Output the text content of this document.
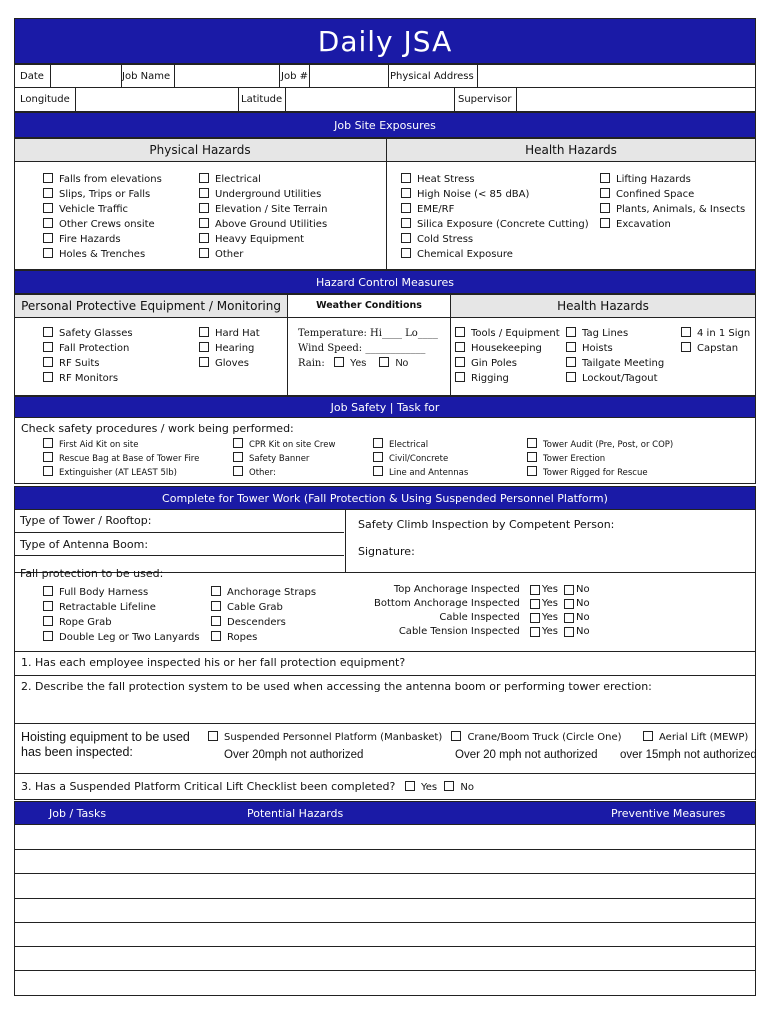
Daily JSA
Date	Job Name	Job #	Physical Address
Longitude	Latitude	Supervisor
Job Site Exposures
Physical Hazards	Health Hazards
Falls from elevations
Slips, Trips or Falls
Vehicle Traffic
Other Crews onsite
Fire Hazards
Holes & Trenches
Electrical
Underground Utilities
Elevation / Site Terrain
Above Ground Utilities
Heavy Equipment
Other
Heat Stress
High Noise (< 85 dBA)
EME/RF
Silica Exposure (Concrete Cutting)
Cold Stress
Chemical Exposure
Lifting Hazards
Confined Space
Plants, Animals, & Insects
Excavation
Hazard Control Measures
Personal Protective Equipment / Monitoring	Weather Conditions	Health Hazards
Safety Glasses
Fall Protection
RF Suits
RF Monitors
Hard Hat
Hearing
Gloves
Temperature: Hi____ Lo____
Wind Speed: ____________
Rain:	Yes	No
Tools / Equipment
Housekeeping
Gin Poles
Rigging
Tag Lines
Hoists
Tailgate Meeting
Lockout/Tagout
4 in 1 Sign
Capstan
Job Safety | Task for
Check safety procedures / work being performed:
First Aid Kit on site
Rescue Bag at Base of Tower Fire
Extinguisher (AT LEAST 5lb)
CPR Kit on site Crew
Safety Banner
Other:
Electrical
Civil/Concrete
Line and Antennas
Tower Audit (Pre, Post, or COP)
Tower Erection
Tower Rigged for Rescue
Complete for Tower Work (Fall Protection & Using Suspended Personnel Platform)
Type of Tower / Rooftop:
Type of Antenna Boom:
Safety Climb Inspection by Competent Person:
Signature:
Fall protection to be used:
Full Body Harness
Retractable Lifeline
Rope Grab
Double Leg or Two Lanyards
Anchorage Straps
Cable Grab
Descenders
Ropes
Top Anchorage Inspected Yes No
Bottom Anchorage Inspected Yes No
Cable Inspected Yes No
Cable Tension Inspected Yes No
1. Has each employee inspected his or her fall protection equipment?
2. Describe the fall protection system to be used when accessing the antenna boom or performing tower erection:
Hoisting equipment to be used
has been inspected:
Suspended Personnel Platform (Manbasket)	Crane/Boom Truck (Circle One)	Aerial Lift (MEWP)
Over 20mph not authorized	Over 20 mph not authorized over 15mph not authorized
3. Has a Suspended Platform Critical Lift Checklist been completed?	Yes No
Job / Tasks	Potential Hazards	Preventive Measures
